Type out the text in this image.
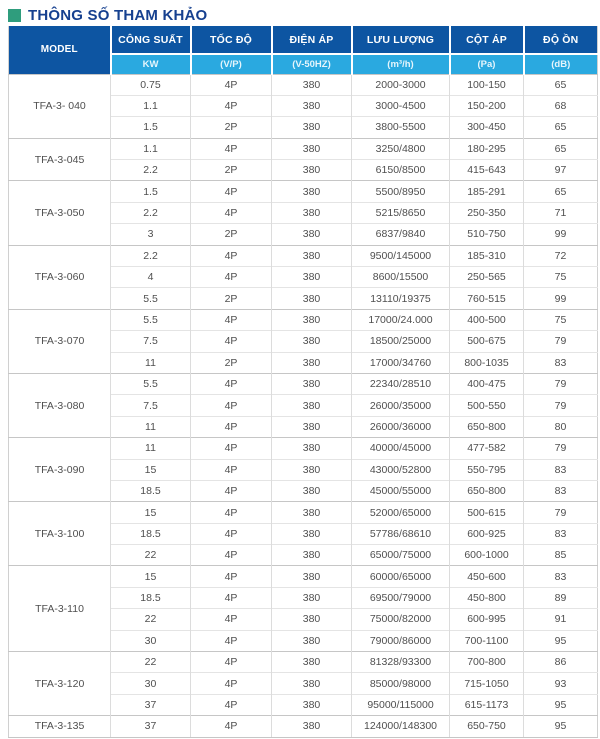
THÔNG SỐ THAM KHẢO
MODEL	CÔNG SUẤT	TỐC ĐỘ	ĐIỆN ÁP	LƯU LƯỢNG	CỘT ÁP	ĐỘ ỒN
	KW	(V/P)	(V-50HZ)	(m³/h)	(Pa)	(dB)
TFA-3- 040	0.75	4P	380	2000-3000	100-150	65
	1.1	4P	380	3000-4500	150-200	68
	1.5	2P	380	3800-5500	300-450	65
TFA-3-045	1.1	4P	380	3250/4800	180-295	65
	2.2	2P	380	6150/8500	415-643	97
TFA-3-050	1.5	4P	380	5500/8950	185-291	65
	2.2	4P	380	5215/8650	250-350	71
	3	2P	380	6837/9840	510-750	99
TFA-3-060	2.2	4P	380	9500/145000	185-310	72
	4	4P	380	8600/15500	250-565	75
	5.5	2P	380	13110/19375	760-515	99
TFA-3-070	5.5	4P	380	17000/24.000	400-500	75
	7.5	4P	380	18500/25000	500-675	79
	11	2P	380	17000/34760	800-1035	83
TFA-3-080	5.5	4P	380	22340/28510	400-475	79
	7.5	4P	380	26000/35000	500-550	79
	11	4P	380	26000/36000	650-800	80
TFA-3-090	11	4P	380	40000/45000	477-582	79
	15	4P	380	43000/52800	550-795	83
	18.5	4P	380	45000/55000	650-800	83
TFA-3-100	15	4P	380	52000/65000	500-615	79
	18.5	4P	380	57786/68610	600-925	83
	22	4P	380	65000/75000	600-1000	85
TFA-3-110	15	4P	380	60000/65000	450-600	83
	18.5	4P	380	69500/79000	450-800	89
	22	4P	380	75000/82000	600-995	91
	30	4P	380	79000/86000	700-1100	95
TFA-3-120	22	4P	380	81328/93300	700-800	86
	30	4P	380	85000/98000	715-1050	93
	37	4P	380	95000/115000	615-1173	95
TFA-3-135	37	4P	380	124000/148300	650-750	95
